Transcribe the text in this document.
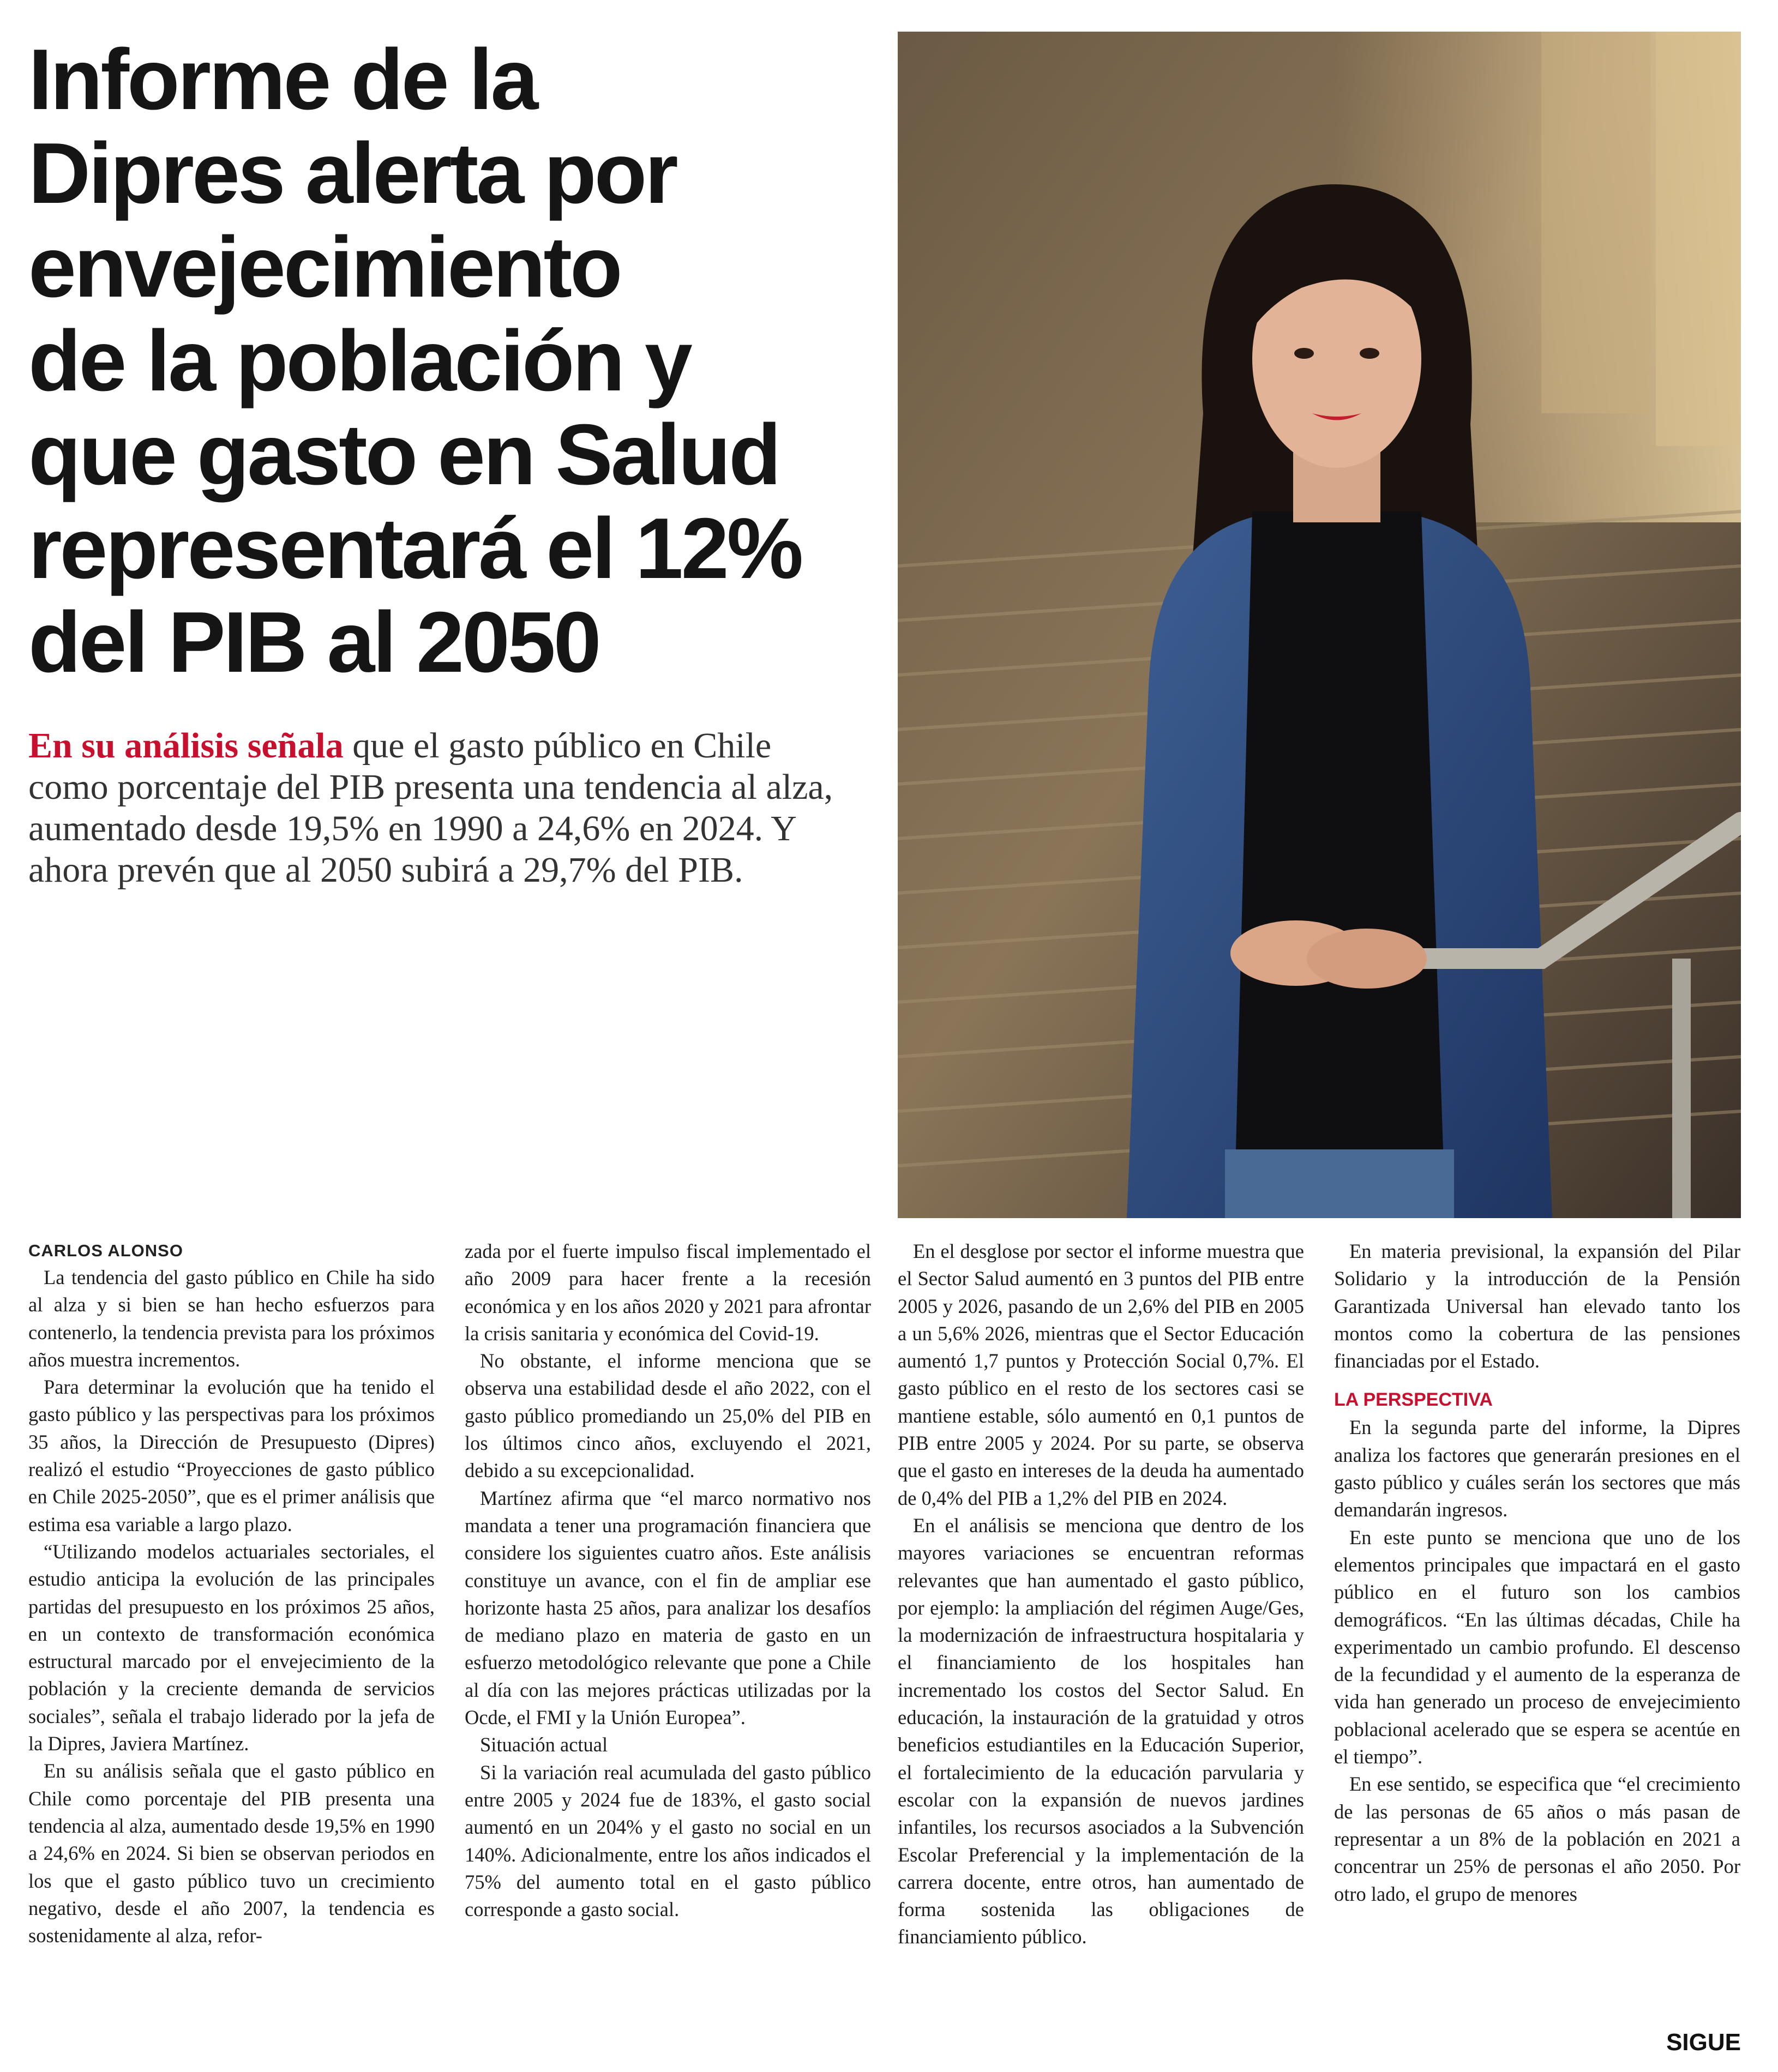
Informe de la
Dipres alerta por
envejecimiento
de la población y
que gasto en Salud
representará el 12%
del PIB al 2050
En su análisis señala que el gasto público en Chile como porcentaje del PIB presenta una tendencia al alza, aumentado desde 19,5% en 1990 a 24,6% en 2024. Y ahora prevén que al 2050 subirá a 29,7% del PIB.
CARLOS ALONSO

La tendencia del gasto público en Chile ha sido al alza y si bien se han hecho esfuerzos para contenerlo, la tendencia prevista para los próximos años muestra incrementos.

Para determinar la evolución que ha tenido el gasto público y las perspectivas para los próximos 35 años, la Dirección de Presupuesto (Dipres) realizó el estudio “Proyecciones de gasto público en Chile 2025-2050”, que es el primer análisis que estima esa variable a largo plazo.

“Utilizando modelos actuariales sectoriales, el estudio anticipa la evolución de las principales partidas del presupuesto en los próximos 25 años, en un contexto de transformación económica estructural marcado por el envejecimiento de la población y la creciente demanda de servicios sociales”, señala el trabajo liderado por la jefa de la Dipres, Javiera Martínez.

En su análisis señala que el gasto público en Chile como porcentaje del PIB presenta una tendencia al alza, aumentado desde 19,5% en 1990 a 24,6% en 2024. Si bien se observan periodos en los que el gasto público tuvo un crecimiento negativo, desde el año 2007, la tendencia es sostenidamente al alza, refor-

zada por el fuerte impulso fiscal implementado el año 2009 para hacer frente a la recesión económica y en los años 2020 y 2021 para afrontar la crisis sanitaria y económica del Covid-19.

No obstante, el informe menciona que se observa una estabilidad desde el año 2022, con el gasto público promediando un 25,0% del PIB en los últimos cinco años, excluyendo el 2021, debido a su excepcionalidad.

Martínez afirma que “el marco normativo nos mandata a tener una programación financiera que considere los siguientes cuatro años. Este análisis constituye un avance, con el fin de ampliar ese horizonte hasta 25 años, para analizar los desafíos de mediano plazo en materia de gasto en un esfuerzo metodológico relevante que pone a Chile al día con las mejores prácticas utilizadas por la Ocde, el FMI y la Unión Europea”.

Situación actual

Si la variación real acumulada del gasto público entre 2005 y 2024 fue de 183%, el gasto social aumentó en un 204% y el gasto no social en un 140%. Adicionalmente, entre los años indicados el 75% del aumento total en el gasto público corresponde a gasto social.

En el desglose por sector el informe muestra que el Sector Salud aumentó en 3 puntos del PIB entre 2005 y 2026, pasando de un 2,6% del PIB en 2005 a un 5,6% 2026, mientras que el Sector Educación aumentó 1,7 puntos y Protección Social 0,7%. El gasto público en el resto de los sectores casi se mantiene estable, sólo aumentó en 0,1 puntos de PIB entre 2005 y 2024. Por su parte, se observa que el gasto en intereses de la deuda ha aumentado de 0,4% del PIB a 1,2% del PIB en 2024.

En el análisis se menciona que dentro de los mayores variaciones se encuentran reformas relevantes que han aumentado el gasto público, por ejemplo: la ampliación del régimen Auge/Ges, la modernización de infraestructura hospitalaria y el financiamiento de los hospitales han incrementado los costos del Sector Salud. En educación, la instauración de la gratuidad y otros beneficios estudiantiles en la Educación Superior, el fortalecimiento de la educación parvularia y escolar con la expansión de nuevos jardines infantiles, los recursos asociados a la Subvención Escolar Preferencial y la implementación de la carrera docente, entre otros, han aumentado de forma sostenida las obligaciones de financiamiento público.

En materia previsional, la expansión del Pilar Solidario y la introducción de la Pensión Garantizada Universal han elevado tanto los montos como la cobertura de las pensiones financiadas por el Estado.

LA PERSPECTIVA

En la segunda parte del informe, la Dipres analiza los factores que generarán presiones en el gasto público y cuáles serán los sectores que más demandarán ingresos.

En este punto se menciona que uno de los elementos principales que impactará en el gasto público en el futuro son los cambios demográficos. “En las últimas décadas, Chile ha experimentado un cambio profundo. El descenso de la fecundidad y el aumento de la esperanza de vida han generado un proceso de envejecimiento poblacional acelerado que se espera se acentúe en el tiempo”.

En ese sentido, se especifica que “el crecimiento de las personas de 65 años o más pasan de representar a un 8% de la población en 2021 a concentrar un 25% de personas el año 2050. Por otro lado, el grupo de menores

SIGUE
